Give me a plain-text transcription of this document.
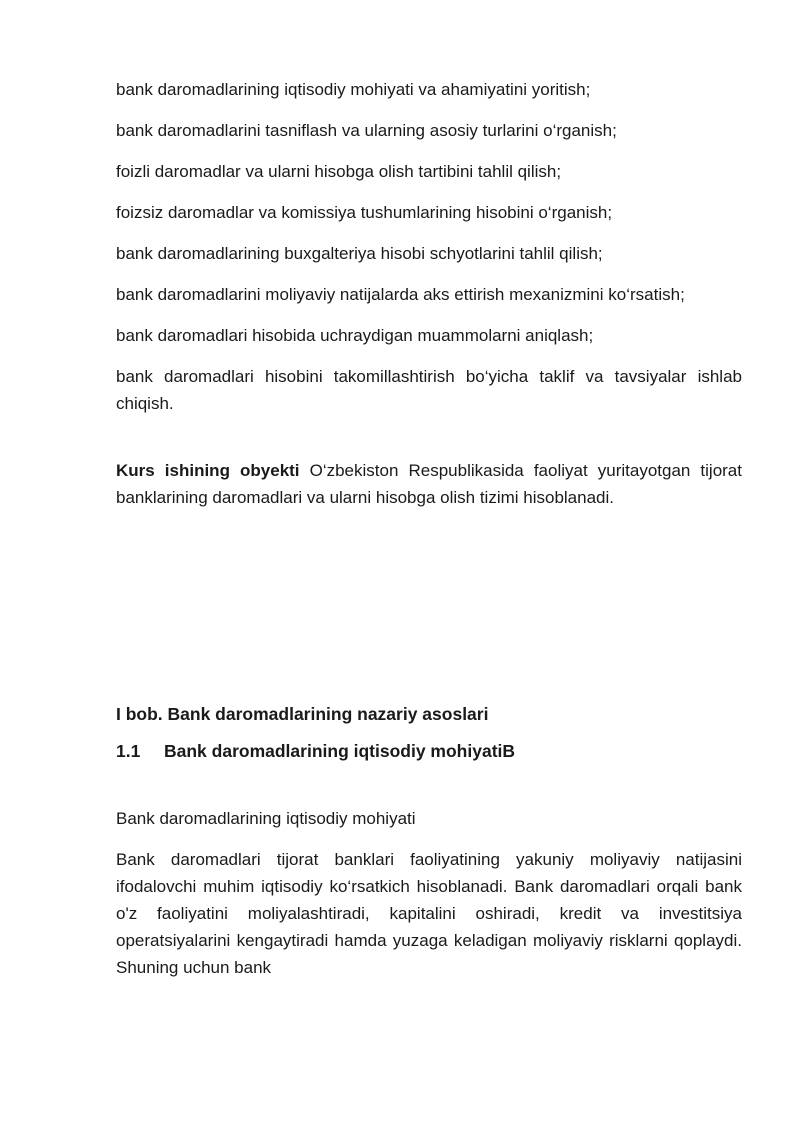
bank daromadlarining iqtisodiy mohiyati va ahamiyatini yoritish;

bank daromadlarini tasniflash va ularning asosiy turlarini o‘rganish;

foizli daromadlar va ularni hisobga olish tartibini tahlil qilish;

foizsiz daromadlar va komissiya tushumlarining hisobini o‘rganish;

bank daromadlarining buxgalteriya hisobi schyotlarini tahlil qilish;

bank daromadlarini moliyaviy natijalarda aks ettirish mexanizmini ko‘rsatish;

bank daromadlari hisobida uchraydigan muammolarni aniqlash;

bank daromadlari hisobini takomillashtirish bo‘yicha taklif va tavsiyalar ishlab chiqish.

Kurs ishining obyekti O‘zbekiston Respublikasida faoliyat yuritayotgan tijorat banklarining daromadlari va ularni hisobga olish tizimi hisoblanadi.

I bob. Bank daromadlarining nazariy asoslari

1.1	Bank daromadlarining iqtisodiy mohiyatiB

Bank daromadlarining iqtisodiy mohiyati

Bank daromadlari tijorat banklari faoliyatining yakuniy moliyaviy natijasini ifodalovchi muhim iqtisodiy ko‘rsatkich hisoblanadi. Bank daromadlari orqali bank o'z faoliyatini moliyalashtiradi, kapitalini oshiradi, kredit va investitsiya operatsiyalarini kengaytiradi hamda yuzaga keladigan moliyaviy risklarni qoplaydi. Shuning uchun bank
